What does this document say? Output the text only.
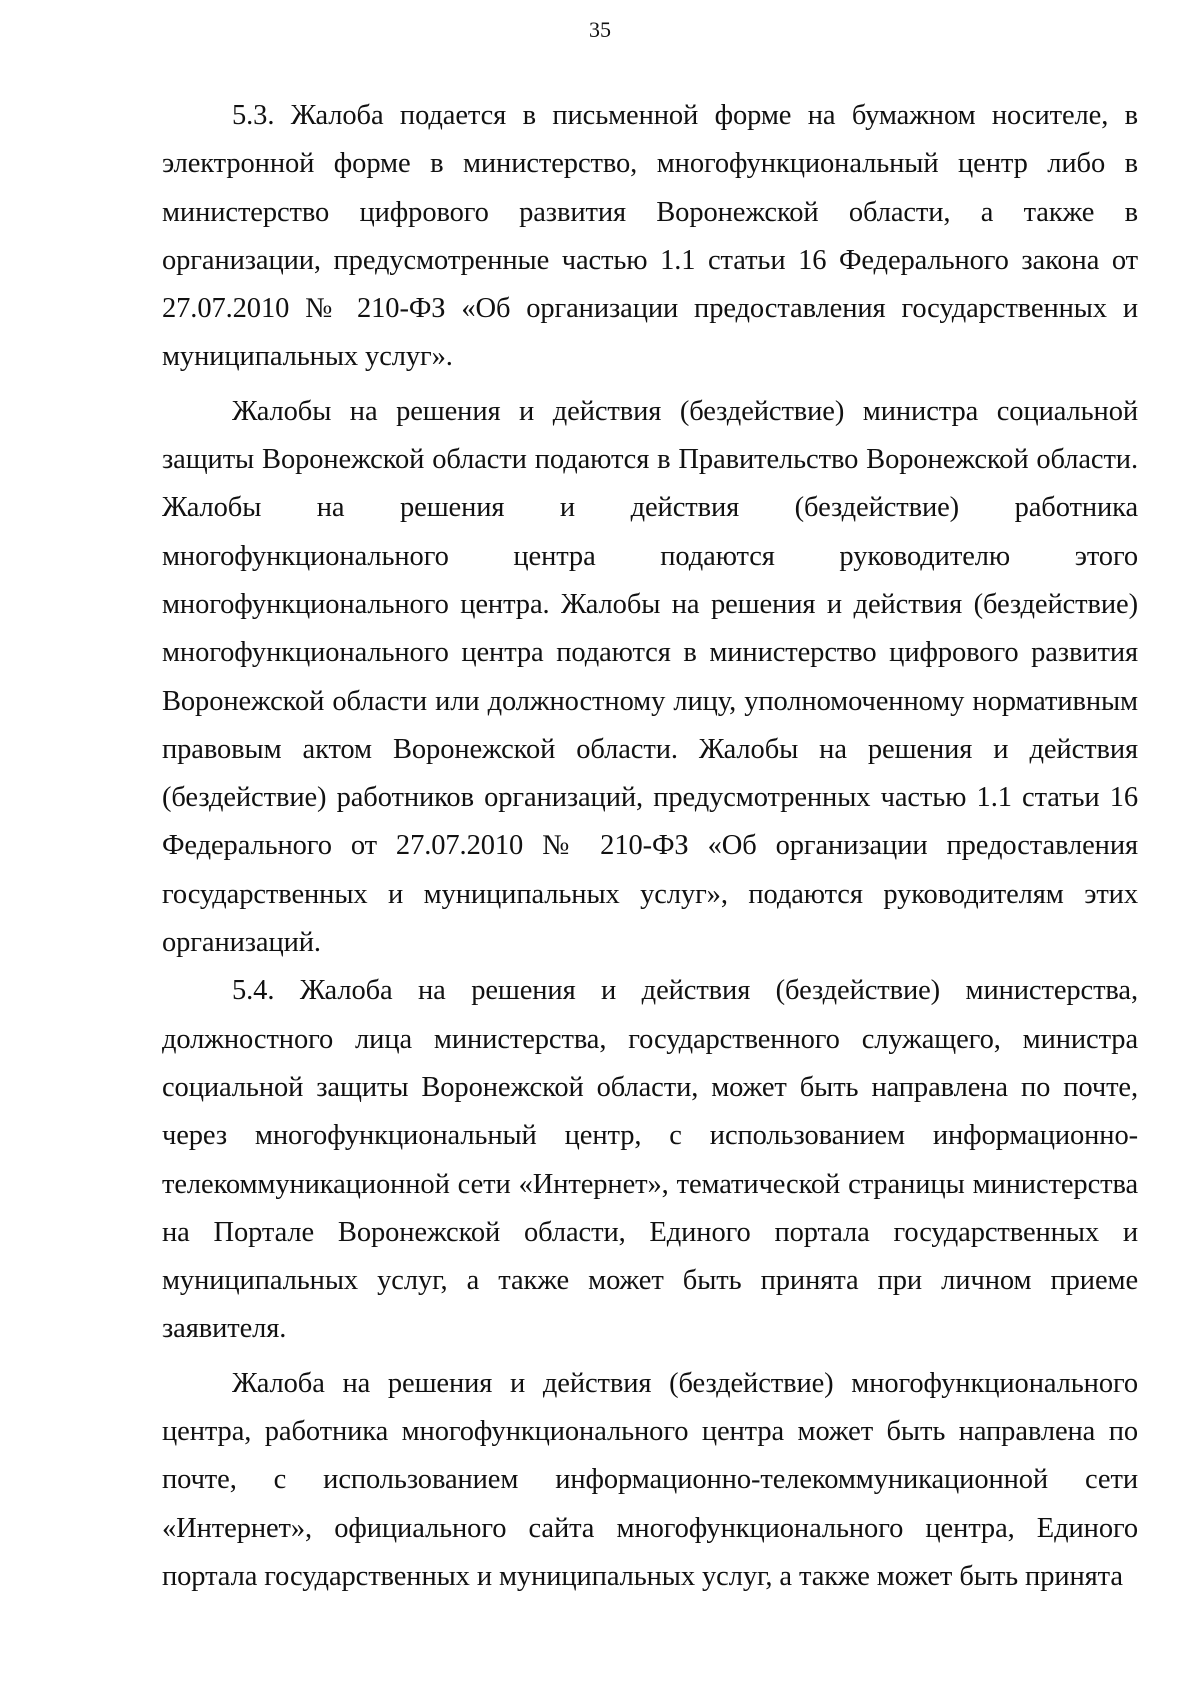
35

5.3. Жалоба подается в письменной форме на бумажном носителе, в электронной форме в министерство, многофункциональный центр либо в министерство цифрового развития Воронежской области, а также в организации, предусмотренные частью 1.1 статьи 16 Федерального закона от 27.07.2010 № 210-ФЗ «Об организации предоставления государственных и муниципальных услуг».

Жалобы на решения и действия (бездействие) министра социальной защиты Воронежской области подаются в Правительство Воронежской области. Жалобы на решения и действия (бездействие) работника многофункционального центра подаются руководителю этого многофункционального центра. Жалобы на решения и действия (бездействие) многофункционального центра подаются в министерство цифрового развития Воронежской области или должностному лицу, уполномоченному нормативным правовым актом Воронежской области. Жалобы на решения и действия (бездействие) работников организаций, предусмотренных частью 1.1 статьи 16 Федерального от 27.07.2010 № 210-ФЗ «Об организации предоставления государственных и муниципальных услуг», подаются руководителям этих организаций.

5.4. Жалоба на решения и действия (бездействие) министерства, должностного лица министерства, государственного служащего, министра социальной защиты Воронежской области, может быть направлена по почте, через многофункциональный центр, с использованием информационно-телекоммуникационной сети «Интернет», тематической страницы министерства на Портале Воронежской области, Единого портала государственных и муниципальных услуг, а также может быть принята при личном приеме заявителя.

Жалоба на решения и действия (бездействие) многофункционального центра, работника многофункционального центра может быть направлена по почте, с использованием информационно-телекоммуникационной сети «Интернет», официального сайта многофункционального центра, Единого портала государственных и муниципальных услуг, а также может быть принята
